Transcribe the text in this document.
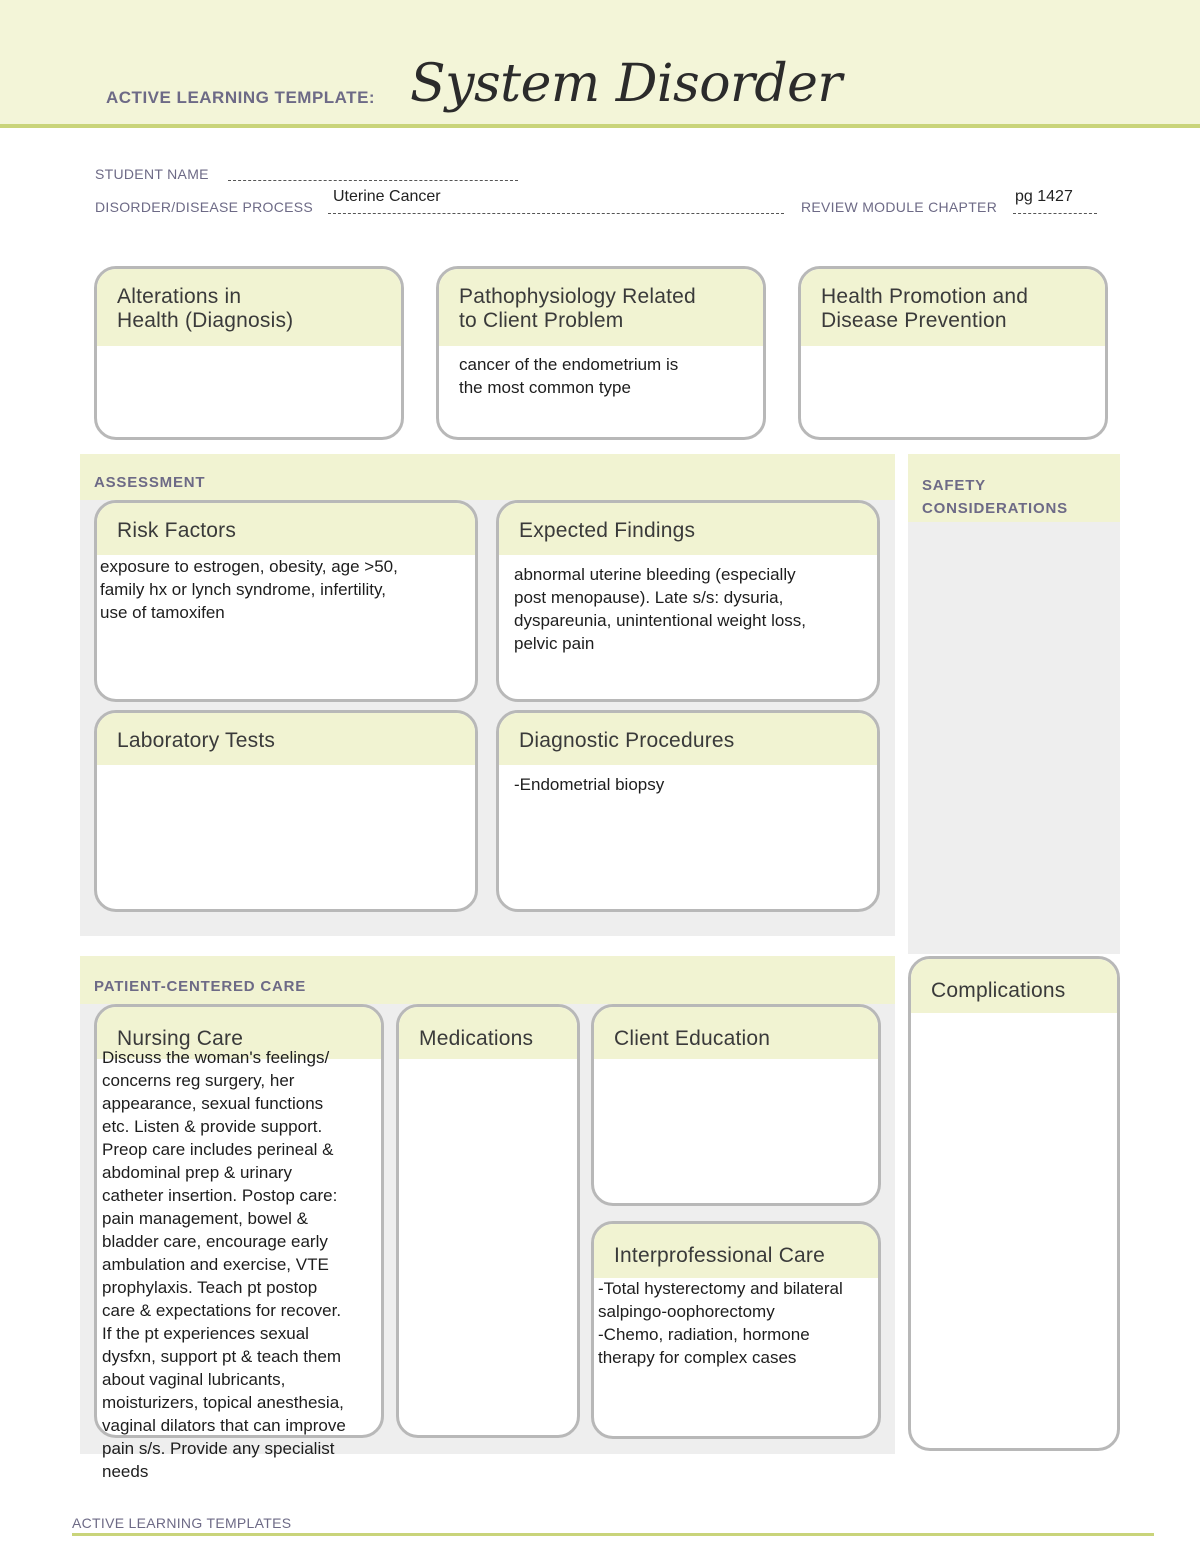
ACTIVE LEARNING TEMPLATE: System Disorder
STUDENT NAME
DISORDER/DISEASE PROCESS
Uterine Cancer
REVIEW MODULE CHAPTER
pg 1427
Alterations in
Health (Diagnosis)
Pathophysiology Related
to Client Problem
cancer of the endometrium is
the most common type
Health Promotion and
Disease Prevention
ASSESSMENT
Risk Factors
exposure to estrogen, obesity, age >50,
family hx or lynch syndrome, infertility,
use of tamoxifen
Expected Findings
abnormal uterine bleeding (especially
post menopause). Late s/s: dysuria,
dyspareunia, unintentional weight loss,
pelvic pain
Laboratory Tests	Diagnostic Procedures
-Endometrial biopsy
SAFETY
CONSIDERATIONS
Complications
PATIENT-CENTERED CARE
Nursing Care	Medications	Client Education
Interprofessional Care
Discuss the woman's feelings/
concerns reg surgery, her
appearance, sexual functions
etc. Listen & provide support.
Preop care includes perineal &
abdominal prep & urinary
catheter insertion. Postop care:
pain management, bowel &
bladder care, encourage early
ambulation and exercise, VTE
prophylaxis. Teach pt postop
care & expectations for recover.
If the pt experiences sexual
dysfxn, support pt & teach them
about vaginal lubricants,
moisturizers, topical anesthesia,
vaginal dilators that can improve
pain s/s. Provide any specialist
needs
-Total hysterectomy and bilateral
salpingo-oophorectomy
-Chemo, radiation, hormone
therapy for complex cases
ACTIVE LEARNING TEMPLATES
